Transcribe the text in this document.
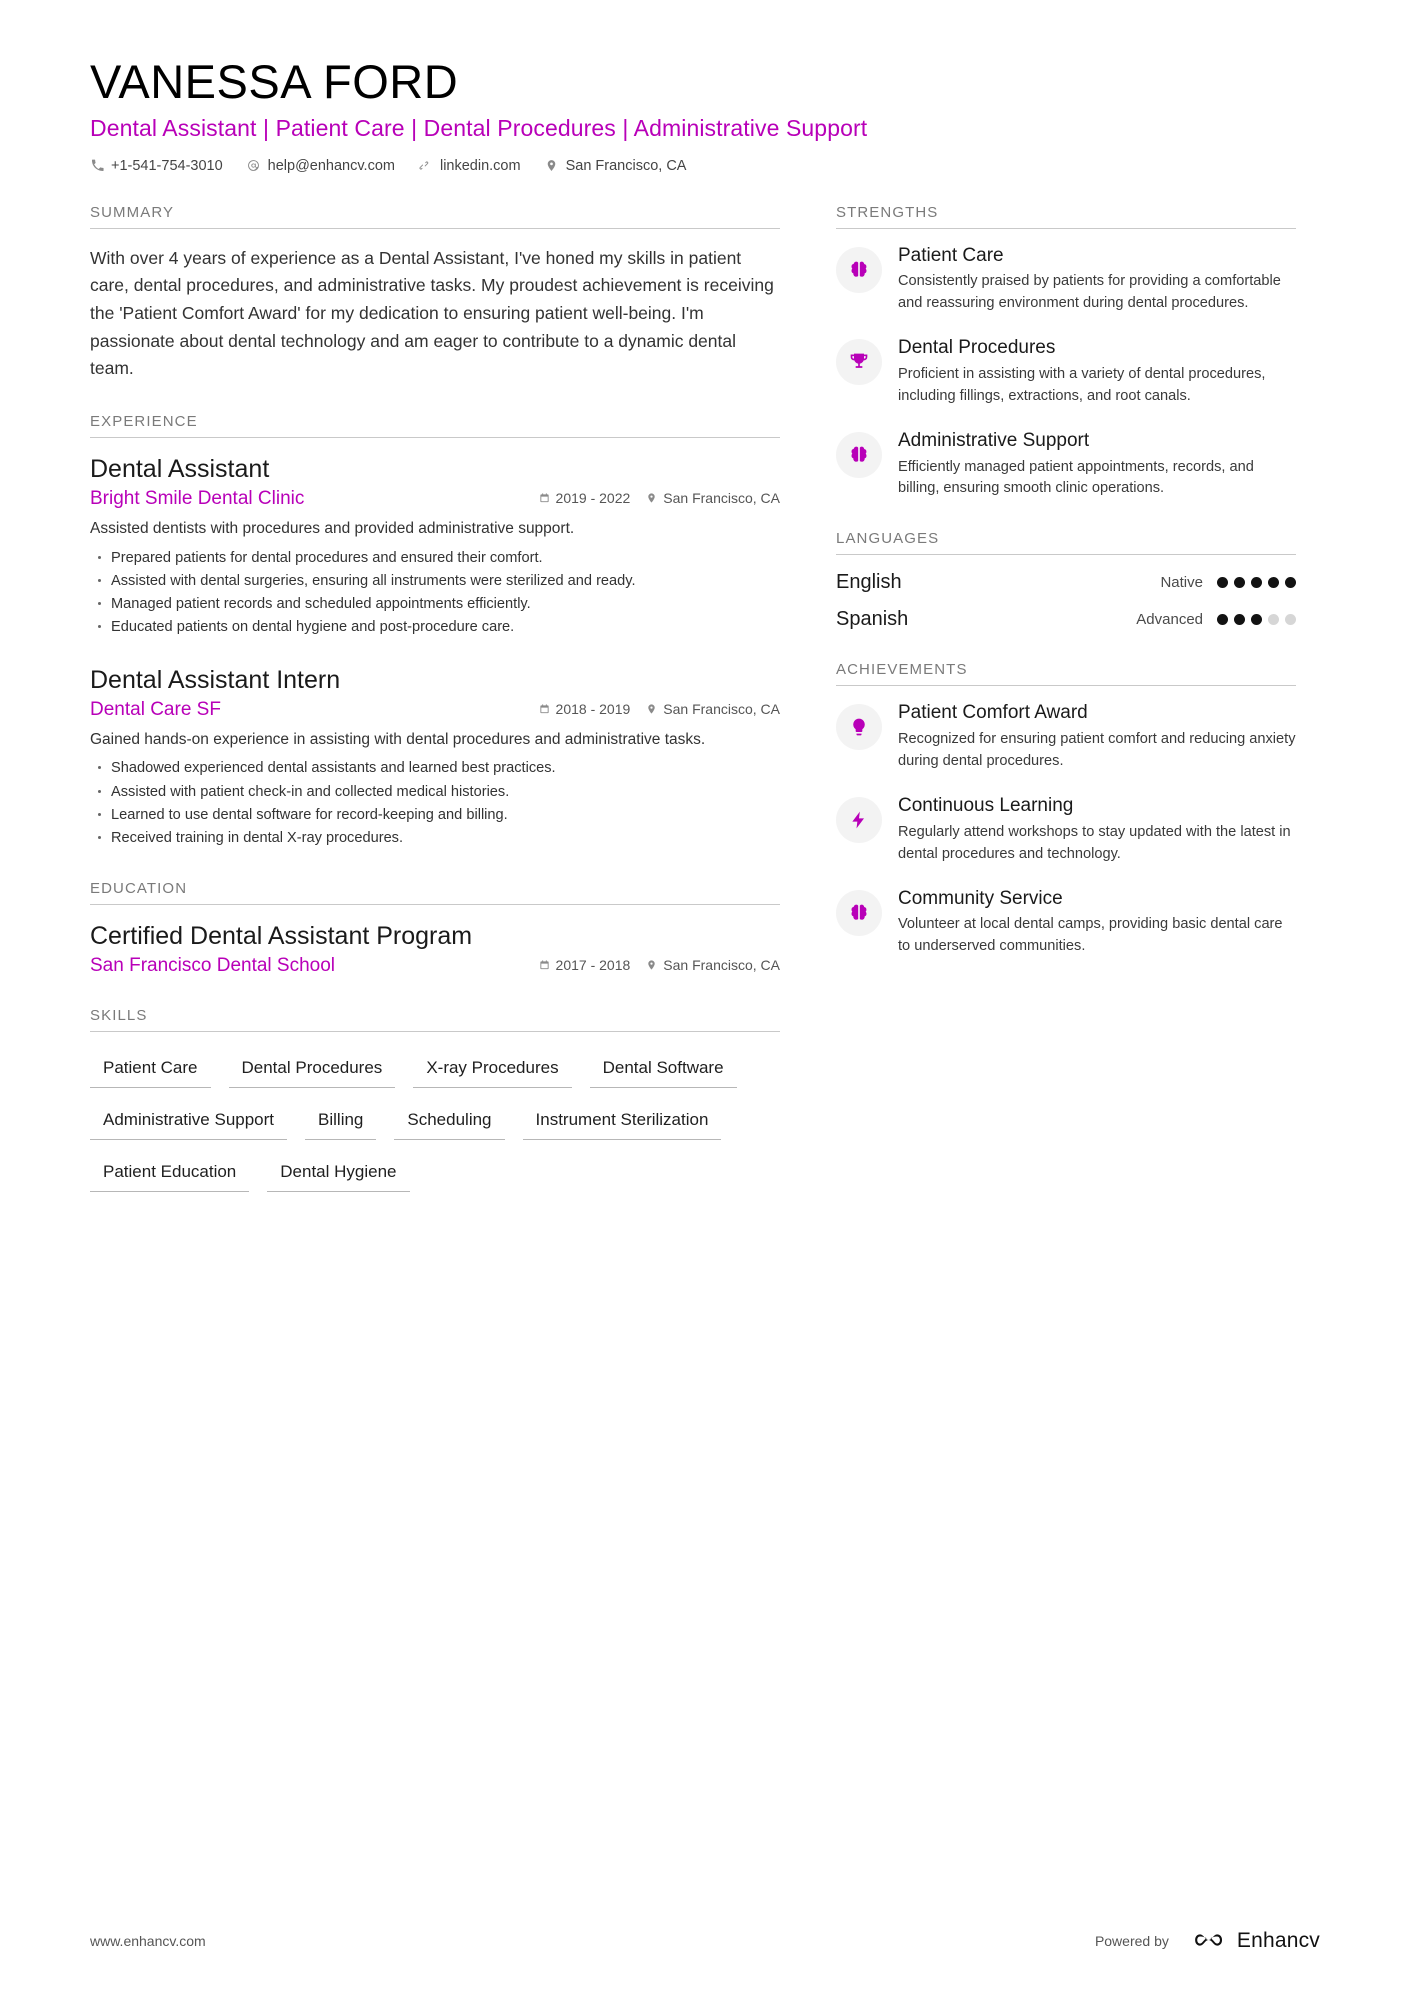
VANESSA FORD
Dental Assistant | Patient Care | Dental Procedures | Administrative Support
+1-541-754-3010	help@enhancv.com	linkedin.com	San Francisco, CA
SUMMARY

With over 4 years of experience as a Dental Assistant, I've honed my skills in patient care, dental procedures, and administrative tasks. My proudest achievement is receiving the 'Patient Comfort Award' for my dedication to ensuring patient well-being. I'm passionate about dental technology and am eager to contribute to a dynamic dental team.

EXPERIENCE
Dental Assistant
Bright Smile Dental Clinic	2019 - 2022 San Francisco, CA
Assisted dentists with procedures and provided administrative support.
Prepared patients for dental procedures and ensured their comfort.
Assisted with dental surgeries, ensuring all instruments were sterilized and ready.
Managed patient records and scheduled appointments efficiently.
Educated patients on dental hygiene and post-procedure care.
Dental Assistant Intern
Dental Care SF	2018 - 2019 San Francisco, CA
Gained hands-on experience in assisting with dental procedures and administrative tasks.
Shadowed experienced dental assistants and learned best practices.
Assisted with patient check-in and collected medical histories.
Learned to use dental software for record-keeping and billing.
Received training in dental X-ray procedures.
EDUCATION
Certified Dental Assistant Program
San Francisco Dental School	2017 - 2018 San Francisco, CA
SKILLS
Patient Care	Dental Procedures	X-ray Procedures	Dental Software
Administrative Support	Billing	Scheduling	Instrument Sterilization
Patient Education	Dental Hygiene
STRENGTHS
Patient Care
Consistently praised by patients for providing a comfortable and reassuring environment during dental procedures.
Dental Procedures
Proficient in assisting with a variety of dental procedures, including fillings, extractions, and root canals.
Administrative Support
Efficiently managed patient appointments, records, and billing, ensuring smooth clinic operations.
LANGUAGES
English	Native
Spanish	Advanced
ACHIEVEMENTS
Patient Comfort Award
Recognized for ensuring patient comfort and reducing anxiety during dental procedures.
Continuous Learning
Regularly attend workshops to stay updated with the latest in dental procedures and technology.
Community Service
Volunteer at local dental camps, providing basic dental care to underserved communities.
www.enhancv.com	Powered by	Enhancv
